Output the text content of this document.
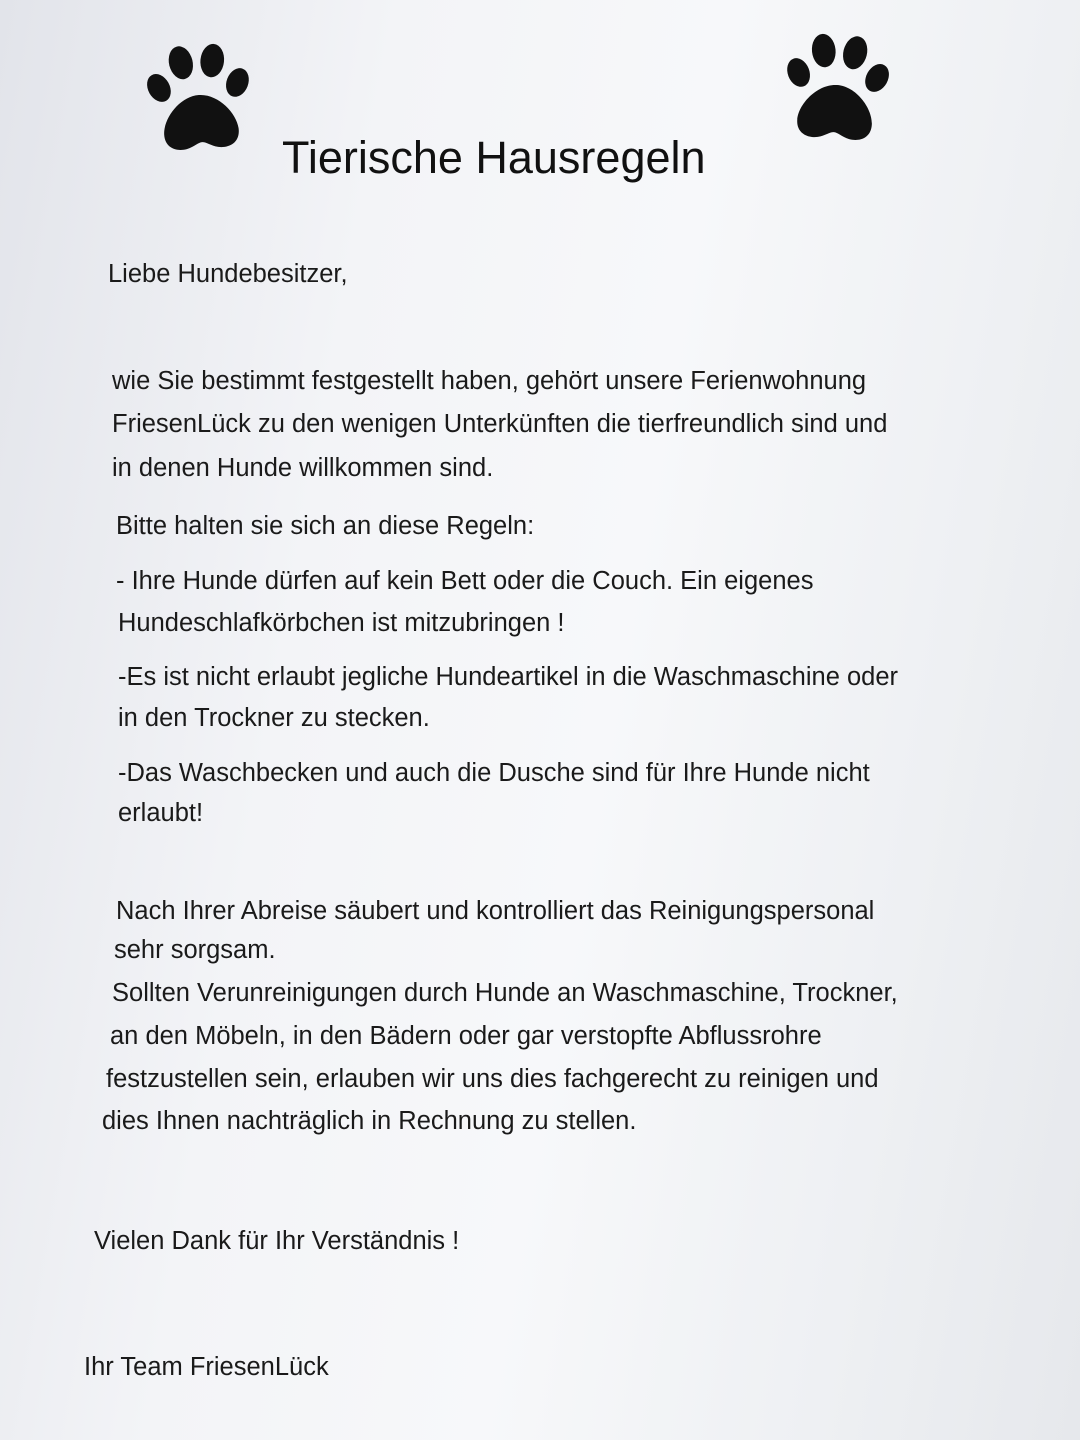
Tierische Hausregeln
Liebe Hundebesitzer,
wie Sie bestimmt festgestellt haben, gehört unsere Ferienwohnung
FriesenLück zu den wenigen Unterkünften die tierfreundlich sind und
in denen Hunde willkommen sind.
Bitte halten sie sich an diese Regeln:
- Ihre Hunde dürfen auf kein Bett oder die Couch. Ein eigenes
Hundeschlafkörbchen ist mitzubringen !
-Es ist nicht erlaubt jegliche Hundeartikel in die Waschmaschine oder
in den Trockner zu stecken.
-Das Waschbecken und auch die Dusche sind für Ihre Hunde nicht
erlaubt!
Nach Ihrer Abreise säubert und kontrolliert das Reinigungspersonal
sehr sorgsam.
Sollten Verunreinigungen durch Hunde an Waschmaschine, Trockner,
an den Möbeln, in den Bädern oder gar verstopfte Abflussrohre
festzustellen sein, erlauben wir uns dies fachgerecht zu reinigen und
dies Ihnen nachträglich in Rechnung zu stellen.
Vielen Dank für Ihr Verständnis !
Ihr Team FriesenLück
